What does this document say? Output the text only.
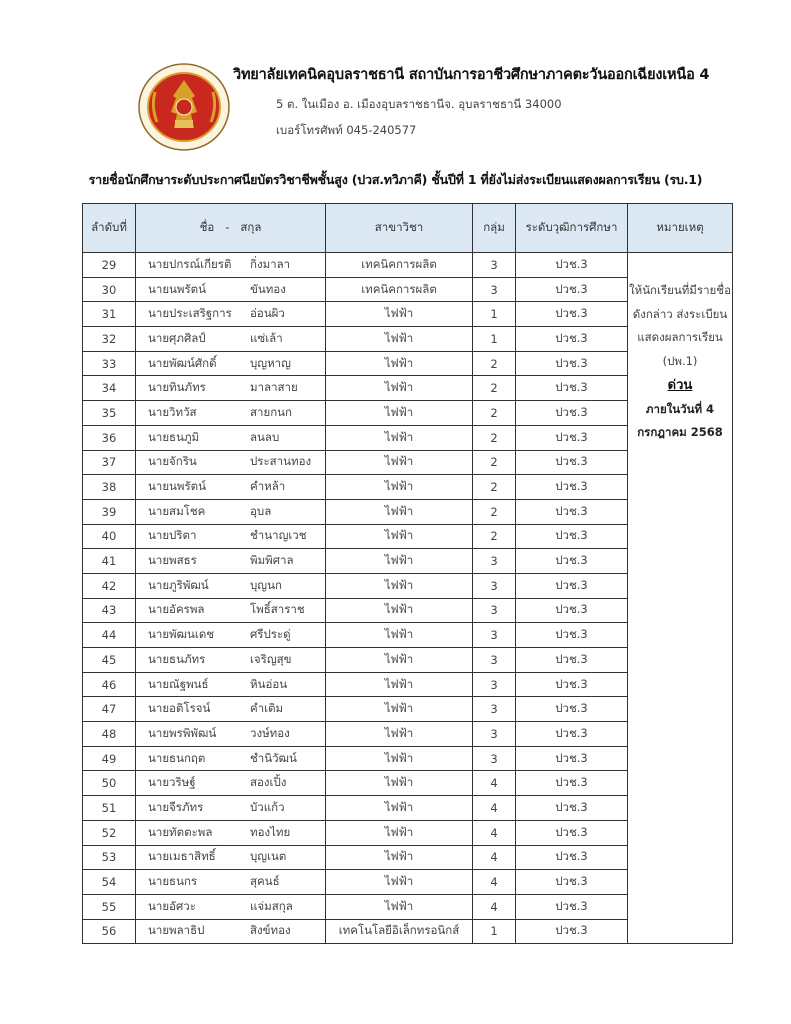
วิทยาลัยเทคนิคอุบลราชธานี สถาบันการอาชีวศึกษาภาคตะวันออกเฉียงเหนือ 4
5 ต. ในเมือง อ. เมืองอุบลราชธานีจ. อุบลราชธานี 34000
เบอร์โทรศัพท์ 045-240577
รายชื่อนักศึกษาระดับประกาศนียบัตรวิชาชีพชั้นสูง (ปวส.ทวิภาคี) ชั้นปีที่ 1 ที่ยังไม่ส่งระเบียนแสดงผลการเรียน (รบ.1)
ลำดับที่	ชื่อ   -   สกุล	สาขาวิชา	กลุ่ม	ระดับวุฒิการศึกษา	หมายเหตุ
29	นายปกรณ์เกียรติ กิ่งมาลา	เทคนิคการผลิต	3	ปวช.3	
ให้นักเรียนที่มีรายชื่อ
ดังกล่าว ส่งระเบียน
แสดงผลการเรียน
(ปพ.1)
ด่วน
ภายในวันที่ 4
กรกฎาคม 2568

30	นายนพรัตน์ ขันทอง	เทคนิคการผลิต	3	ปวช.3	
31	นายประเสริฐการ อ่อนผิว	ไฟฟ้า	1	ปวช.3	
32	นายศุภศิลป์ แซ่เล้า	ไฟฟ้า	1	ปวช.3	
33	นายพัฒน์ศักดิ์ บุญหาญ	ไฟฟ้า	2	ปวช.3	
34	นายทินภัทร มาลาสาย	ไฟฟ้า	2	ปวช.3	
35	นายวิทวัส สายกนก	ไฟฟ้า	2	ปวช.3	
36	นายธนภูมิ ลนลบ	ไฟฟ้า	2	ปวช.3	
37	นายจักริน ประสานทอง	ไฟฟ้า	2	ปวช.3	
38	นายนพรัตน์ คำหล้า	ไฟฟ้า	2	ปวช.3	
39	นายสมโชค อุบล	ไฟฟ้า	2	ปวช.3	
40	นายปริตา ชำนาญเวช	ไฟฟ้า	2	ปวช.3	
41	นายพสธร พิมพิศาล	ไฟฟ้า	3	ปวช.3	
42	นายภูริพัฒน์ บุญนก	ไฟฟ้า	3	ปวช.3	
43	นายอัครพล โพธิ์สาราช	ไฟฟ้า	3	ปวช.3	
44	นายพัฒนเดช ศรีประดู่	ไฟฟ้า	3	ปวช.3	
45	นายธนภัทร เจริญสุข	ไฟฟ้า	3	ปวช.3	
46	นายณัฐพนธ์ หินอ่อน	ไฟฟ้า	3	ปวช.3	
47	นายอติโรจน์ คำเติม	ไฟฟ้า	3	ปวช.3	
48	นายพรพิพัฒน์ วงษ์ทอง	ไฟฟ้า	3	ปวช.3	
49	นายธนกฤต ชำนิวัฒน์	ไฟฟ้า	3	ปวช.3	
50	นายวริษฐ์ สองเปิ้ง	ไฟฟ้า	4	ปวช.3	
51	นายจีรภัทร บัวแก้ว	ไฟฟ้า	4	ปวช.3	
52	นายทัตตะพล ทองไทย	ไฟฟ้า	4	ปวช.3	
53	นายเมธาสิทธิ์ บุญเนต	ไฟฟ้า	4	ปวช.3	
54	นายธนกร สุคนธ์	ไฟฟ้า	4	ปวช.3	
55	นายอัศวะ แจ่มสกุล	ไฟฟ้า	4	ปวช.3	
56	นายพลาธิป สิงข์ทอง	เทคโนโลยีอิเล็กทรอนิกส์	1	ปวช.3	
